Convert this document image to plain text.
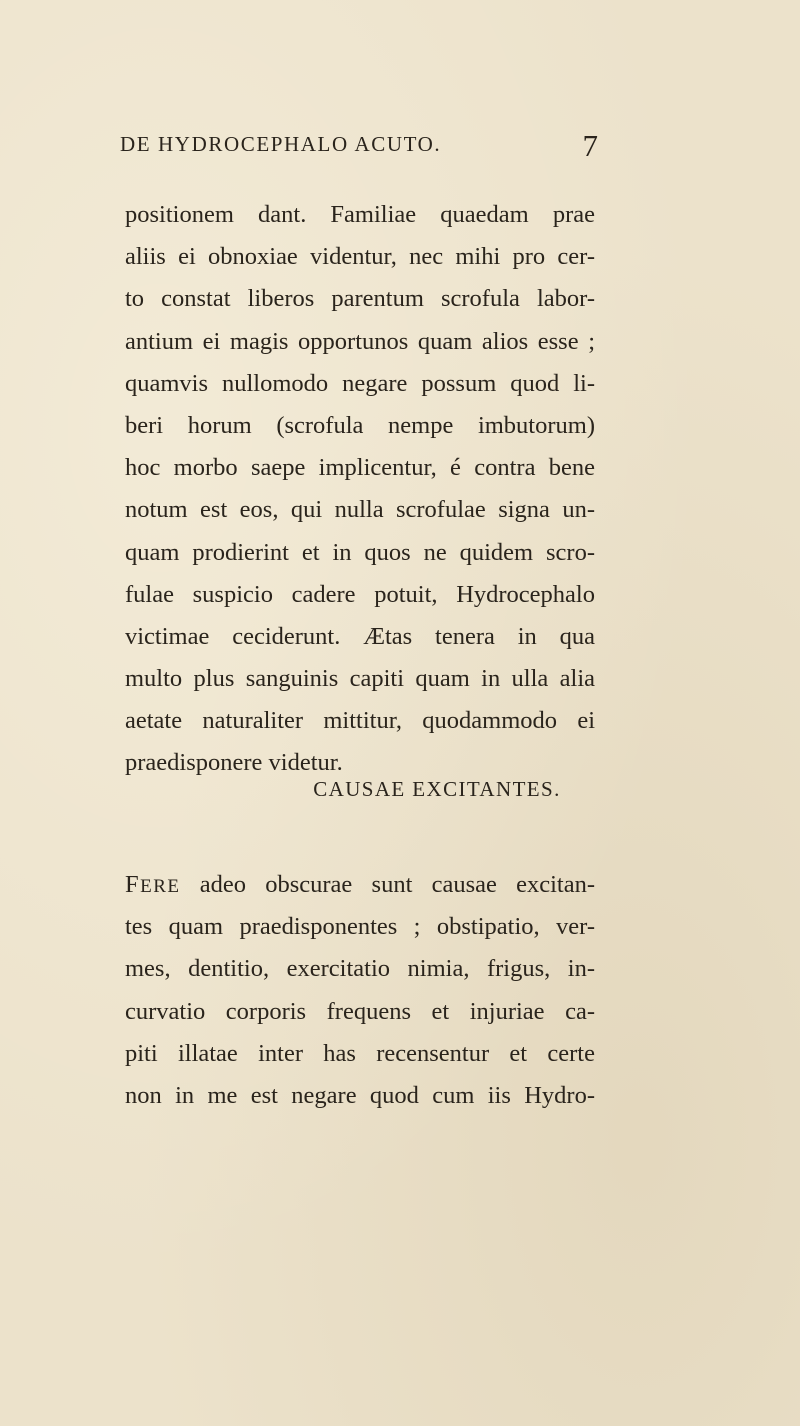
DE HYDROCEPHALO ACUTO.	7
positionem dant. Familiae quaedam prae
aliis ei obnoxiae videntur, nec mihi pro cer-
to constat liberos parentum scrofula labor-
antium ei magis opportunos quam alios esse ;
quamvis nullomodo negare possum quod li-
beri horum (scrofula nempe imbutorum)
hoc morbo saepe implicentur, é contra bene
notum est eos, qui nulla scrofulae signa un-
quam prodierint et in quos ne quidem scro-
fulae suspicio cadere potuit, Hydrocephalo
victimae ceciderunt. Ætas tenera in qua
multo plus sanguinis capiti quam in ulla alia
aetate naturaliter mittitur, quodammodo ei
praedisponere videtur.
CAUSAE EXCITANTES.
FERE adeo obscurae sunt causae excitan-
tes quam praedisponentes ; obstipatio, ver-
mes, dentitio, exercitatio nimia, frigus, in-
curvatio corporis frequens et injuriae ca-
piti illatae inter has recensentur et certe
non in me est negare quod cum iis Hydro-
